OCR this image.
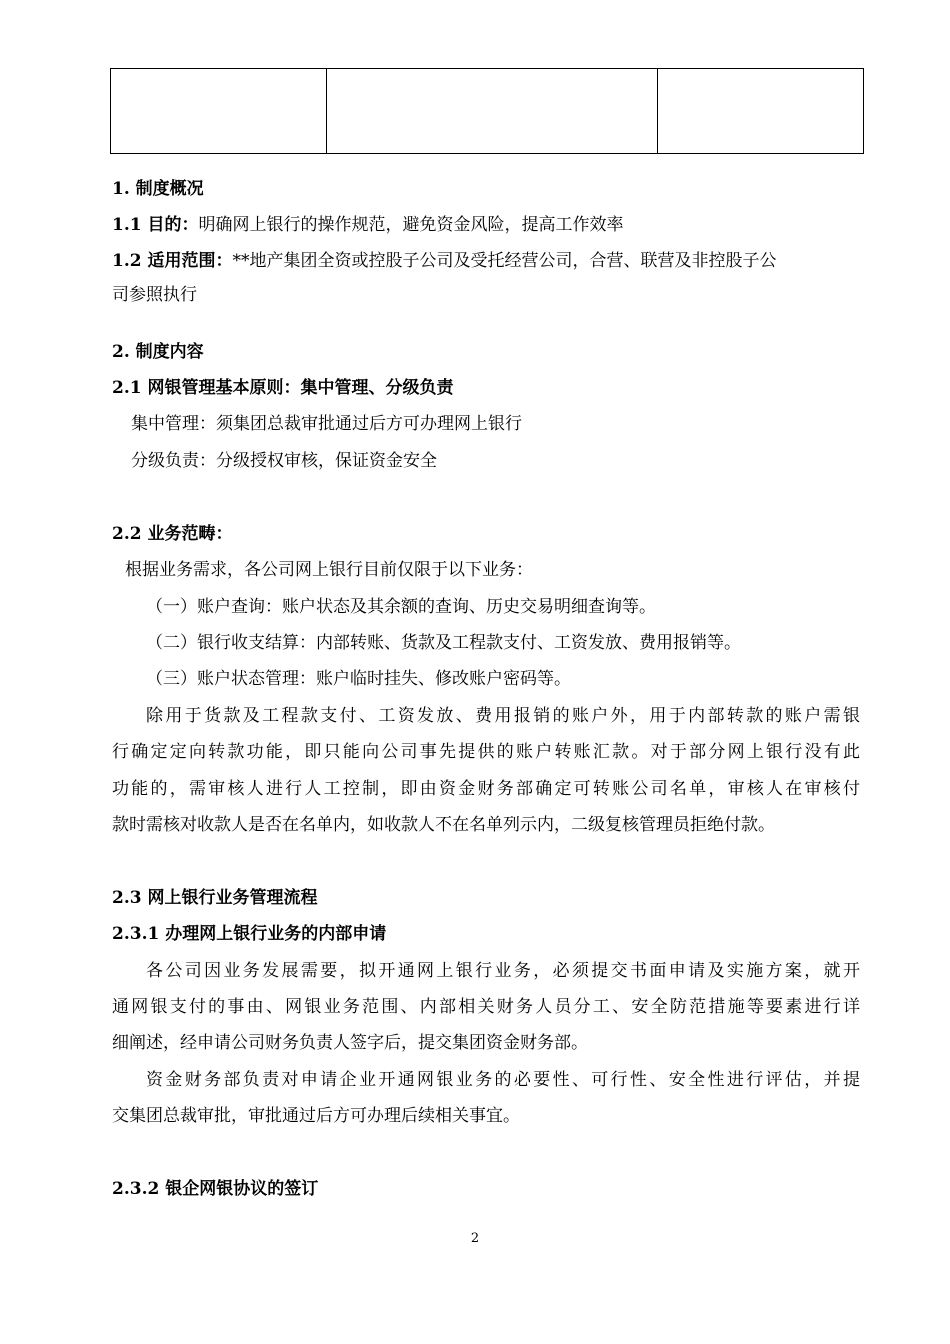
1. 制度概况
1.1 目的：明确网上银行的操作规范，避免资金风险，提高工作效率
1.2 适用范围：**地产集团全资或控股子公司及受托经营公司，合营、联营及非控股子公
司参照执行
2. 制度内容
2.1 网银管理基本原则：集中管理、分级负责
集中管理：须集团总裁审批通过后方可办理网上银行
分级负责：分级授权审核，保证资金安全
2.2 业务范畴：
根据业务需求，各公司网上银行目前仅限于以下业务：
（一）账户查询：账户状态及其余额的查询、历史交易明细查询等。
（二）银行收支结算：内部转账、货款及工程款支付、工资发放、费用报销等。
（三）账户状态管理：账户临时挂失、修改账户密码等。
除用于货款及工程款支付、工资发放、费用报销的账户外，用于内部转款的账户需银
行确定定向转款功能，即只能向公司事先提供的账户转账汇款。对于部分网上银行没有此
功能的，需审核人进行人工控制，即由资金财务部确定可转账公司名单，审核人在审核付
款时需核对收款人是否在名单内，如收款人不在名单列示内，二级复核管理员拒绝付款。
2.3 网上银行业务管理流程
2.3.1 办理网上银行业务的内部申请
各公司因业务发展需要，拟开通网上银行业务，必须提交书面申请及实施方案，就开
通网银支付的事由、网银业务范围、内部相关财务人员分工、安全防范措施等要素进行详
细阐述，经申请公司财务负责人签字后，提交集团资金财务部。
资金财务部负责对申请企业开通网银业务的必要性、可行性、安全性进行评估，并提
交集团总裁审批，审批通过后方可办理后续相关事宜。
2.3.2 银企网银协议的签订
2
